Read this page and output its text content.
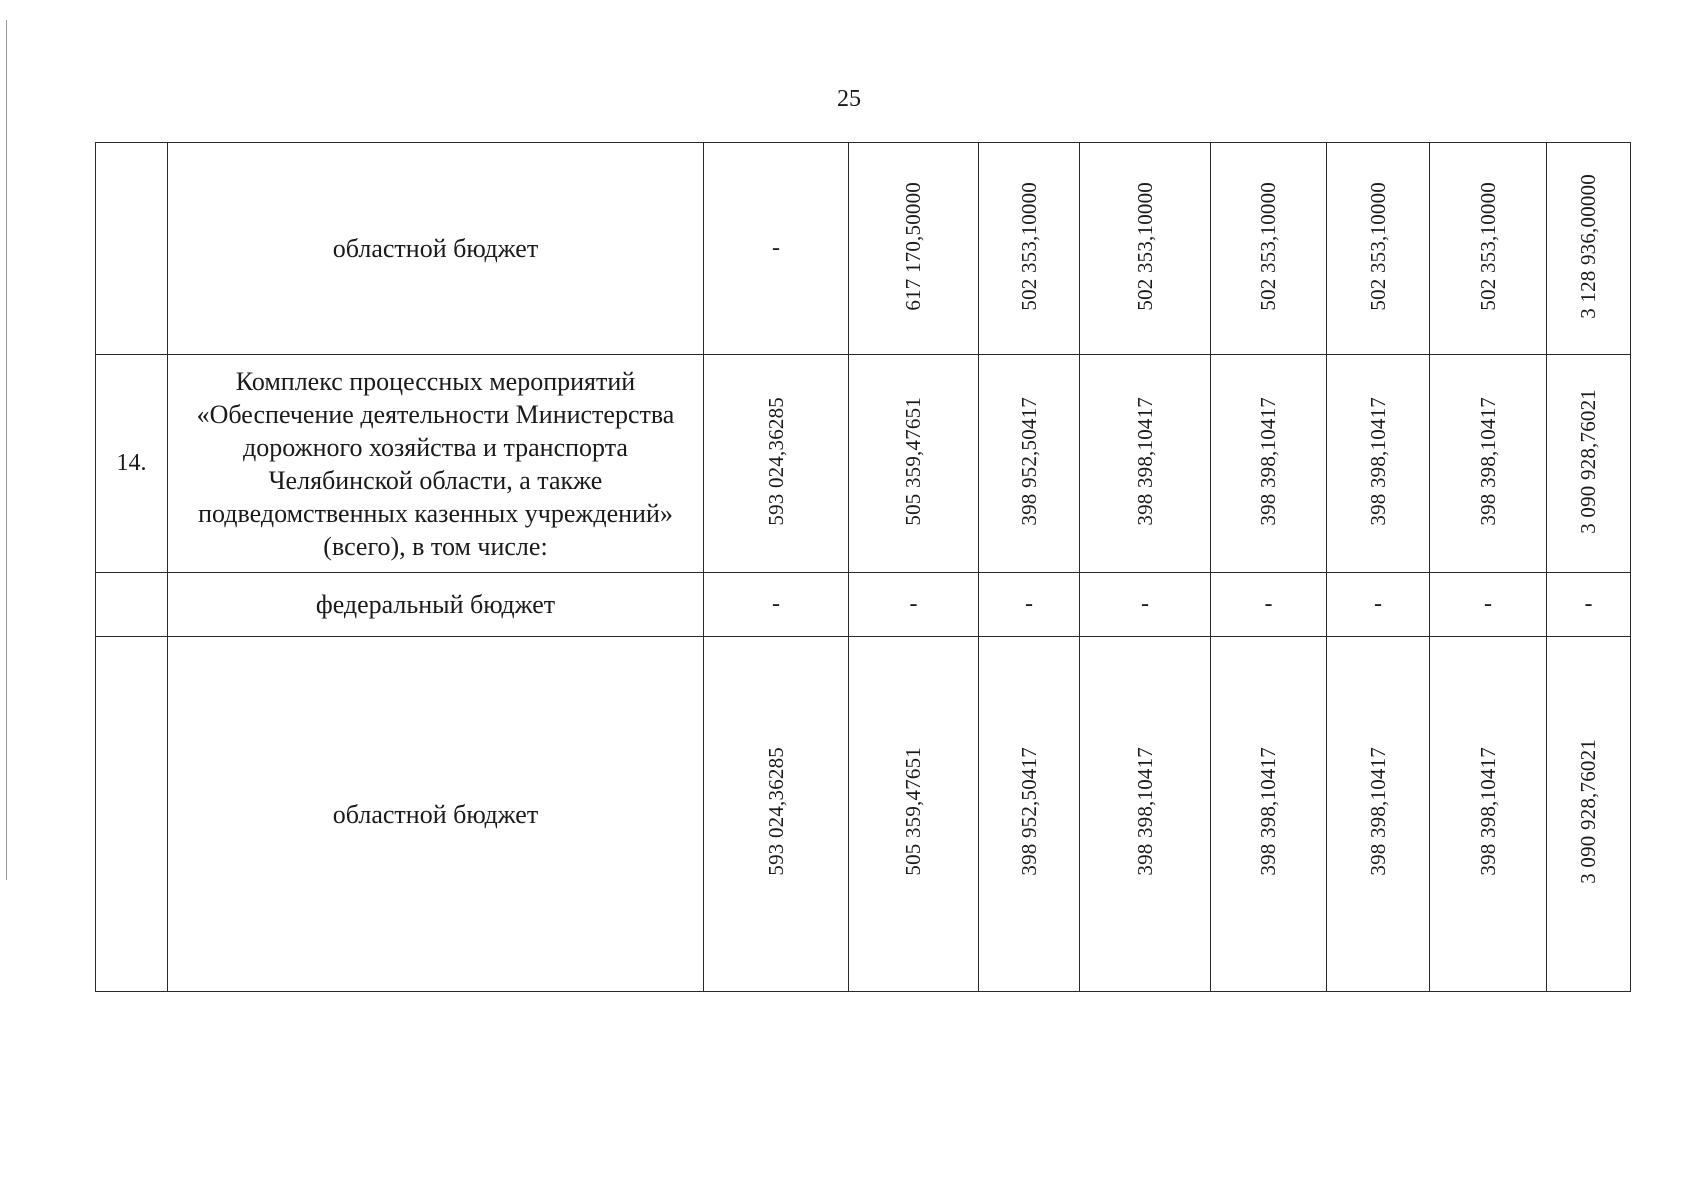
25
	областной бюджет	-	617 170,50000	502 353,10000	502 353,10000	502 353,10000	502 353,10000	502 353,10000	3 128 936,00000
14.	Комплекс процессных мероприятий «Обеспечение деятельности Министерства дорожного хозяйства и транспорта Челябинской области, а также подведомственных казенных учреждений» (всего), в том числе:	593 024,36285	505 359,47651	398 952,50417	398 398,10417	398 398,10417	398 398,10417	398 398,10417	3 090 928,76021
	федеральный бюджет	-	-	-	-	-	-	-	-
	областной бюджет	593 024,36285	505 359,47651	398 952,50417	398 398,10417	398 398,10417	398 398,10417	398 398,10417	3 090 928,76021
